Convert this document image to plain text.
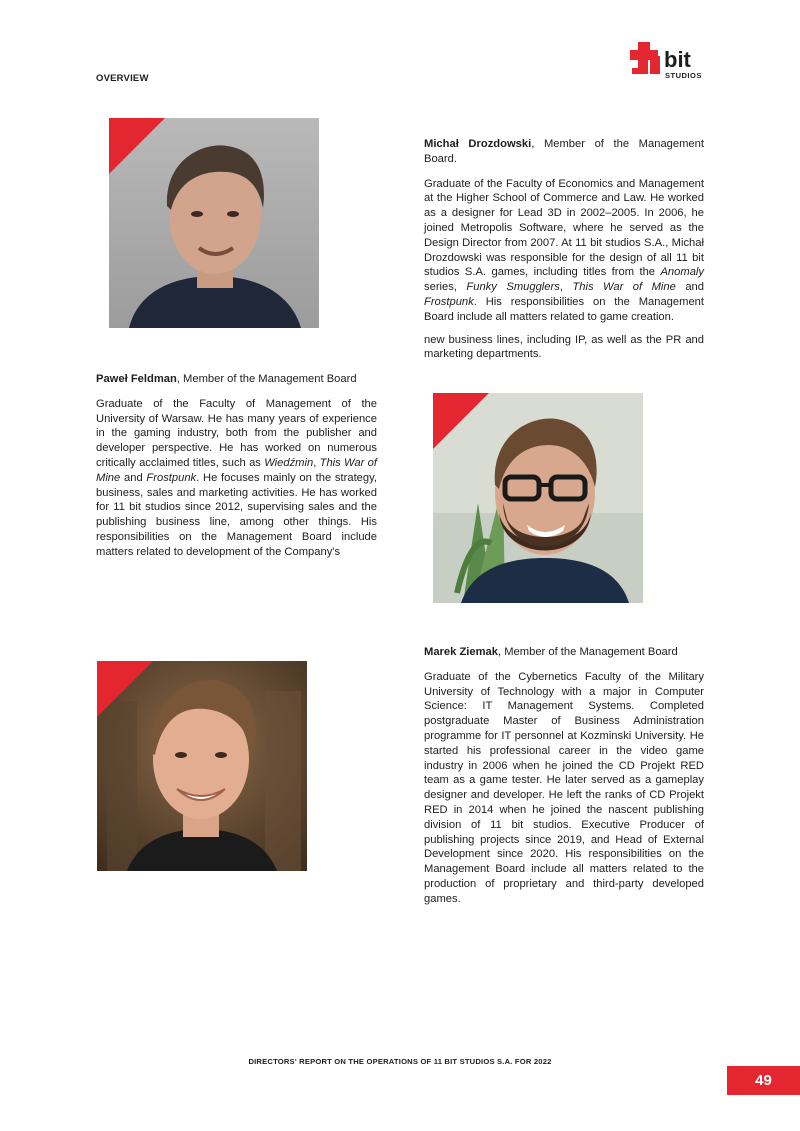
OVERVIEW
bit
STUDIOS

Paweł Feldman, Member of the Management Board

Graduate of the Faculty of Management of the University of Warsaw. He has many years of experience in the gaming industry, both from the publisher and developer perspective. He has worked on numerous critically acclaimed titles, such as Wiedźmin, This War of Mine and Frostpunk. He focuses mainly on the strategy, business, sales and marketing activities. He has worked for 11 bit studios since 2012, supervising sales and the publishing business line, among other things. His responsibilities on the Management Board include matters related to development of the Company's

Michał Drozdowski, Member of the Management Board.

Graduate of the Faculty of Economics and Management at the Higher School of Commerce and Law. He worked as a designer for Lead 3D in 2002–2005. In 2006, he joined Metropolis Software, where he served as the Design Director from 2007. At 11 bit studios S.A., Michał Drozdowski was responsible for the design of all 11 bit studios S.A. games, including titles from the Anomaly series, Funky Smugglers, This War of Mine and Frostpunk. His responsibilities on the Management Board include all matters related to game creation.

new business lines, including IP, as well as the PR and marketing departments.

Marek Ziemak, Member of the Management Board

Graduate of the Cybernetics Faculty of the Military University of Technology with a major in Computer Science: IT Management Systems. Completed postgraduate Master of Business Administration programme for IT personnel at Kozminski University. He started his professional career in the video game industry in 2006 when he joined the CD Projekt RED team as a game tester. He later served as a gameplay designer and developer. He left the ranks of CD Projekt RED in 2014 when he joined the nascent publishing division of 11 bit studios. Executive Producer of publishing projects since 2019, and Head of External Development since 2020. His responsibilities on the Management Board include all matters related to the production of proprietary and third-party developed games.

DIRECTORS' REPORT ON THE OPERATIONS OF 11 BIT STUDIOS S.A. FOR 2022
49
